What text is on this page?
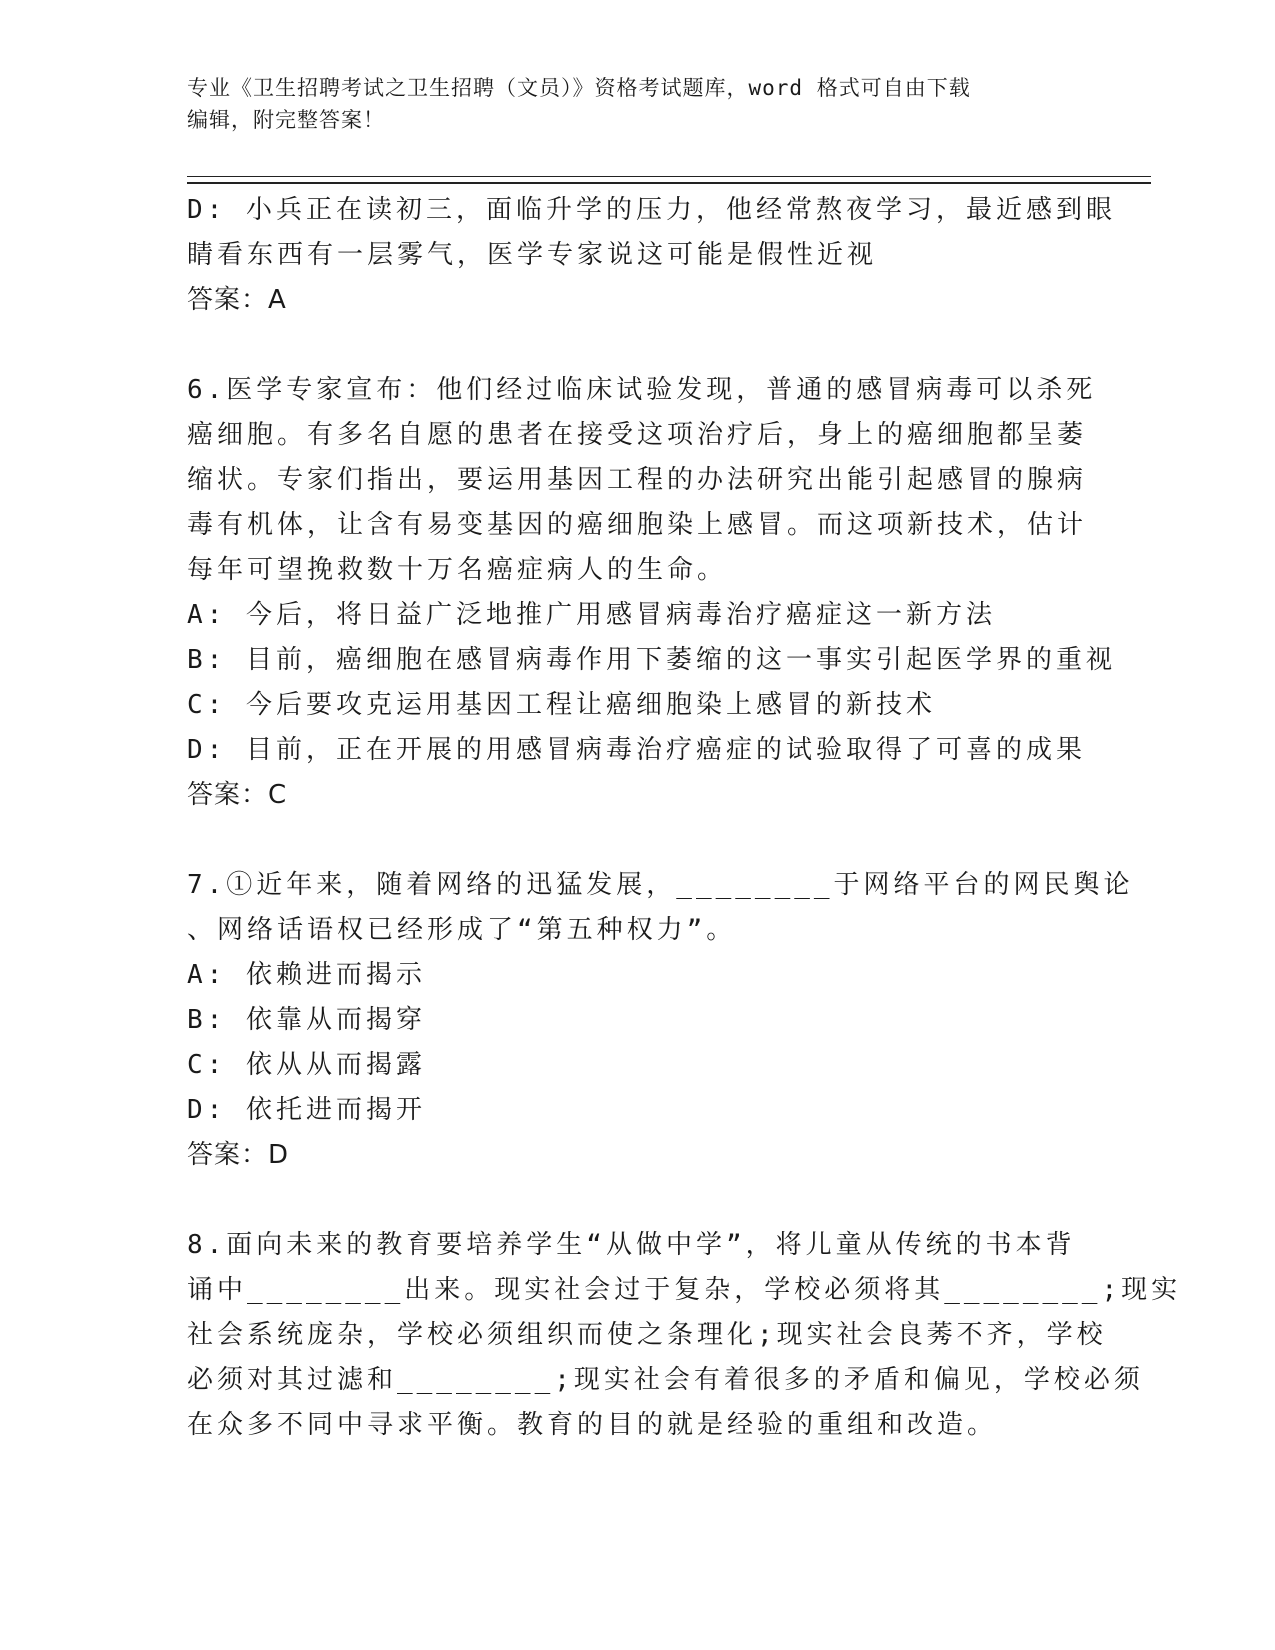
专业《卫生招聘考试之卫生招聘（文员）》资格考试题库，word 格式可自由下载
编辑，附完整答案！
D: 小兵正在读初三，面临升学的压力，他经常熬夜学习，最近感到眼
睛看东西有一层雾气，医学专家说这可能是假性近视
答案：A
6.医学专家宣布：他们经过临床试验发现，普通的感冒病毒可以杀死
癌细胞。有多名自愿的患者在接受这项治疗后，身上的癌细胞都呈萎
缩状。专家们指出，要运用基因工程的办法研究出能引起感冒的腺病
毒有机体，让含有易变基因的癌细胞染上感冒。而这项新技术，估计
每年可望挽救数十万名癌症病人的生命。
A: 今后，将日益广泛地推广用感冒病毒治疗癌症这一新方法
B: 目前，癌细胞在感冒病毒作用下萎缩的这一事实引起医学界的重视
C: 今后要攻克运用基因工程让癌细胞染上感冒的新技术
D: 目前，正在开展的用感冒病毒治疗癌症的试验取得了可喜的成果
答案：C
7.①近年来，随着网络的迅猛发展，________于网络平台的网民舆论
、网络话语权已经形成了“第五种权力”。
A: 依赖进而揭示
B: 依靠从而揭穿
C: 依从从而揭露
D: 依托进而揭开
答案：D
8.面向未来的教育要培养学生“从做中学”，将儿童从传统的书本背
诵中________出来。现实社会过于复杂，学校必须将其________;现实
社会系统庞杂，学校必须组织而使之条理化;现实社会良莠不齐，学校
必须对其过滤和________;现实社会有着很多的矛盾和偏见，学校必须
在众多不同中寻求平衡。教育的目的就是经验的重组和改造。
